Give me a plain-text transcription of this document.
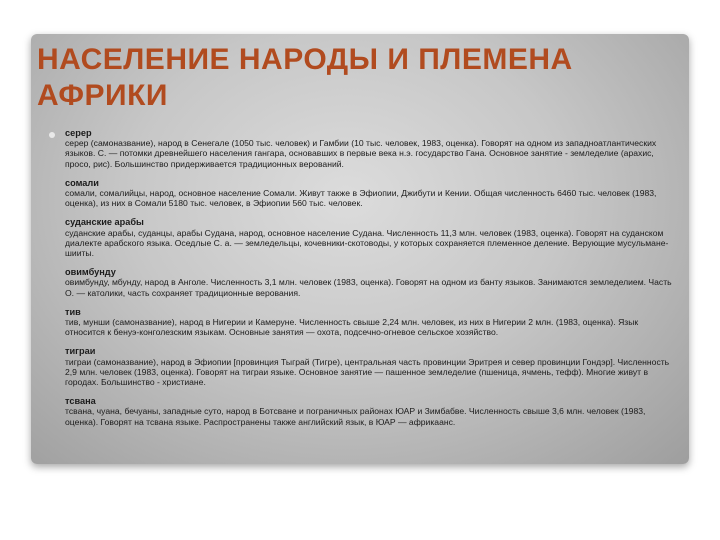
НАСЕЛЕНИЕ НАРОДЫ И ПЛЕМЕНА АФРИКИ
серер
серер (самоназвание), народ в Сенегале (1050 тыс. человек) и Гамбии (10 тыс. человек, 1983, оценка). Говорят на одном из западноатлантических языков. С. — потомки древнейшего населения гангара, основавших в первые века н.э. государство Гана. Основное занятие - земледелие (арахис, просо, рис). Большинство придерживается традиционных верований.
сомали
сомали, сомалийцы, народ, основное население Сомали. Живут также в Эфиопии, Джибути и Кении. Общая численность 6460 тыс. человек (1983, оценка), из них в Сомали 5180 тыс. человек, в Эфиопии 560 тыс. человек.
суданские арабы
суданские арабы, суданцы, арабы Судана, народ, основное население Судана. Численность 11,3 млн. человек (1983, оценка). Говорят на суданском диалекте арабского языка. Оседлые С. а. — земледельцы, кочевники-скотоводы, у которых сохраняется племенное деление. Верующие мусульмане-шииты.
овимбунду
овимбунду, мбунду, народ в Анголе. Численность 3,1 млн. человек (1983, оценка). Говорят на одном из банту языков. Занимаются земледелием. Часть О. — католики, часть сохраняет традиционные верования.
тив
тив, мунши (самоназвание), народ в Нигерии и Камеруне. Численность свыше 2,24 млн. человек, из них в Нигерии 2 млн. (1983, оценка). Язык относится к бенуэ-конголезским языкам. Основные занятия — охота, подсечно-огневое сельское хозяйство.
тиграи
тиграи (самоназвание), народ в Эфиопии [провинция Тыграй (Тигре), центральная часть провинции Эритрея и север провинции Гондэр]. Численность 2,9 млн. человек (1983, оценка). Говорят на тиграи языке. Основное занятие — пашенное земледелие (пшеница, ячмень, тефф). Многие живут в городах. Большинство - христиане.
тсвана
тсвана, чуана, бечуаны, западные суто, народ в Ботсване и пограничных районах ЮАР и Зимбабве. Численность свыше 3,6 млн. человек (1983, оценка). Говорят на тсвана языке. Распространены также английский язык, в ЮАР — африкаанс.
